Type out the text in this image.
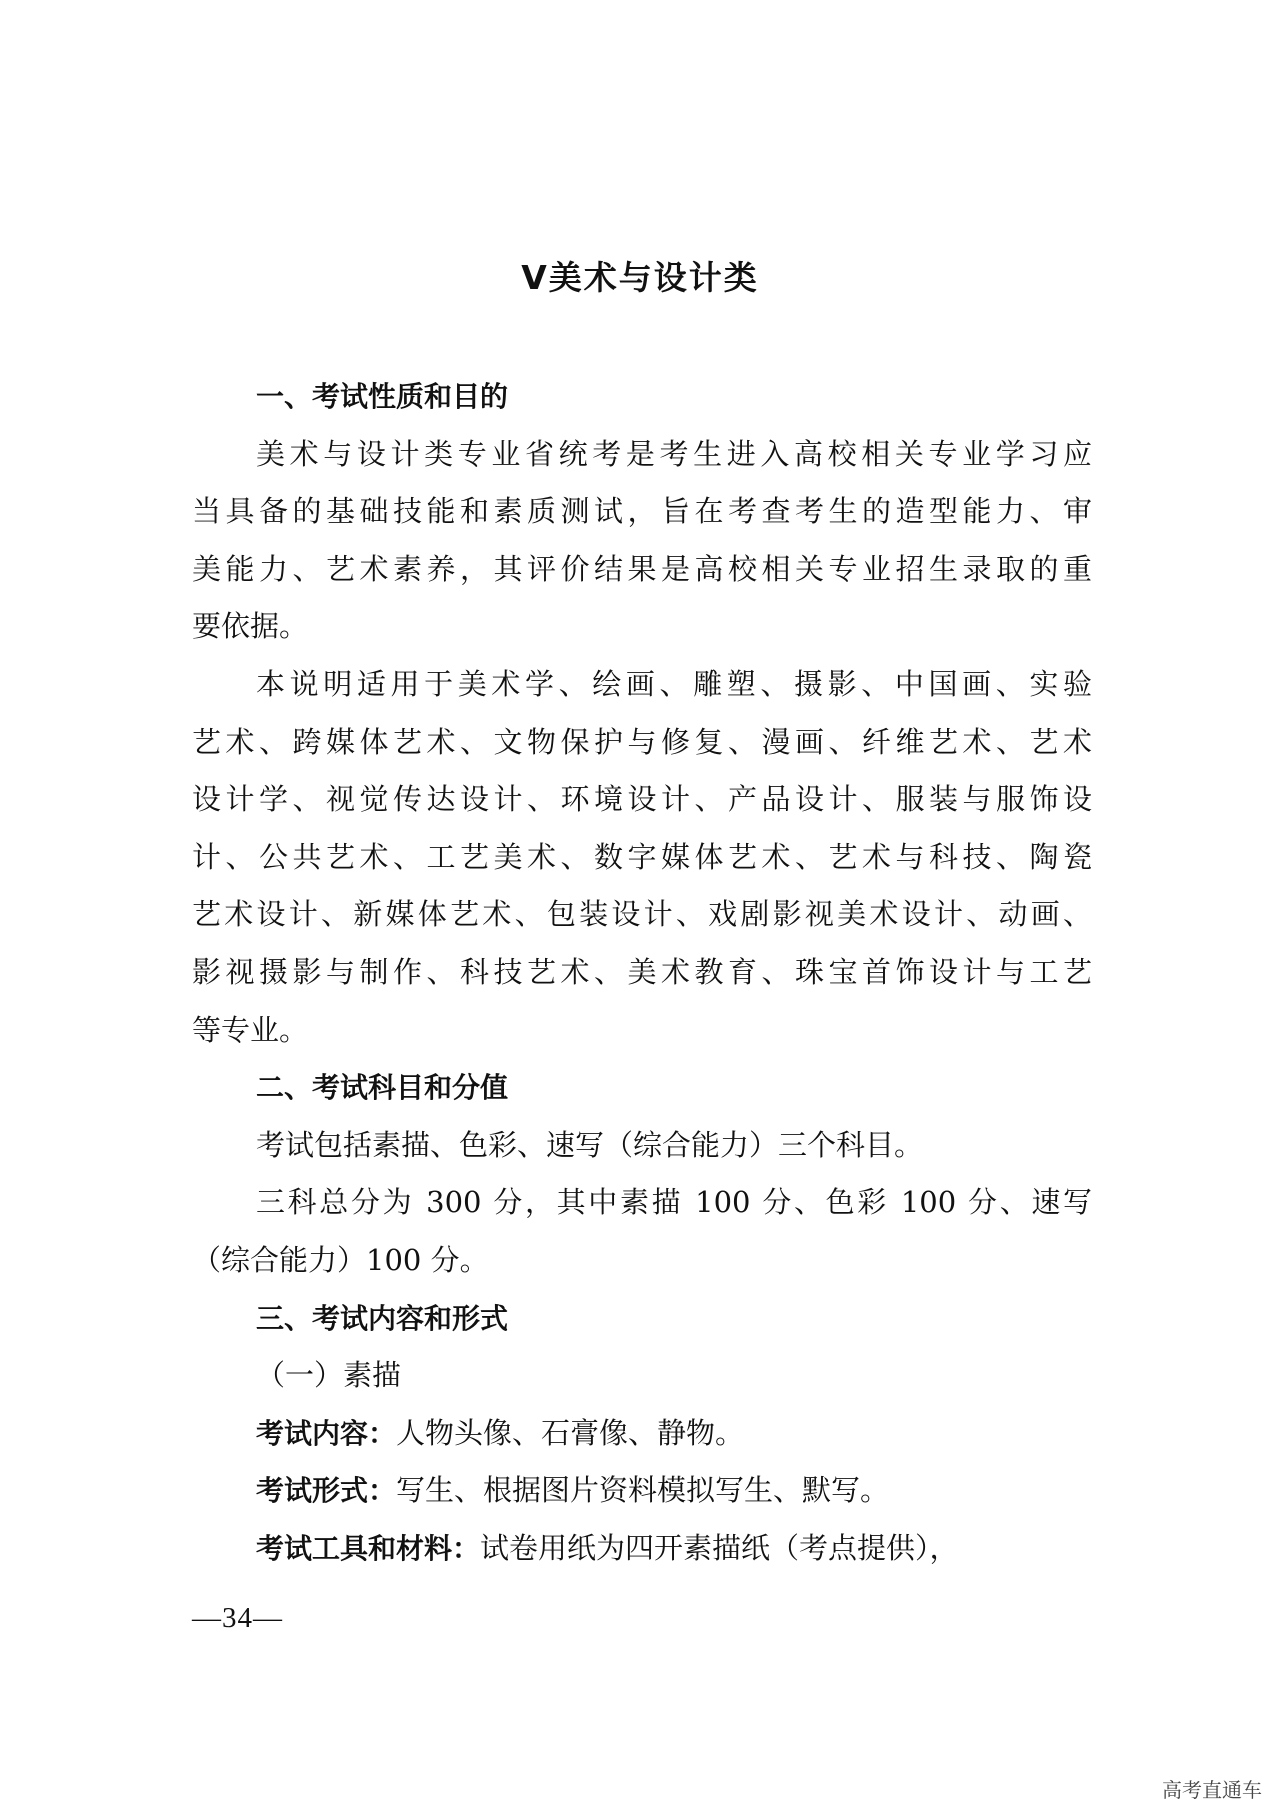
Ⅴ美术与设计类
一、考试性质和目的
美术与设计类专业省统考是考生进入高校相关专业学习应
当具备的基础技能和素质测试，旨在考查考生的造型能力、审
美能力、艺术素养，其评价结果是高校相关专业招生录取的重
要依据。
本说明适用于美术学、绘画、雕塑、摄影、中国画、实验
艺术、跨媒体艺术、文物保护与修复、漫画、纤维艺术、艺术
设计学、视觉传达设计、环境设计、产品设计、服装与服饰设
计、公共艺术、工艺美术、数字媒体艺术、艺术与科技、陶瓷
艺术设计、新媒体艺术、包装设计、戏剧影视美术设计、动画、
影视摄影与制作、科技艺术、美术教育、珠宝首饰设计与工艺
等专业。
二、考试科目和分值
考试包括素描、色彩、速写（综合能力）三个科目。
三科总分为 300 分，其中素描 100 分、色彩 100 分、速写
（综合能力）100 分。
三、考试内容和形式
（一）素描
考试内容：人物头像、石膏像、静物。
考试形式：写生、根据图片资料模拟写生、默写。
考试工具和材料：试卷用纸为四开素描纸（考点提供），
—34—
高考直通车
